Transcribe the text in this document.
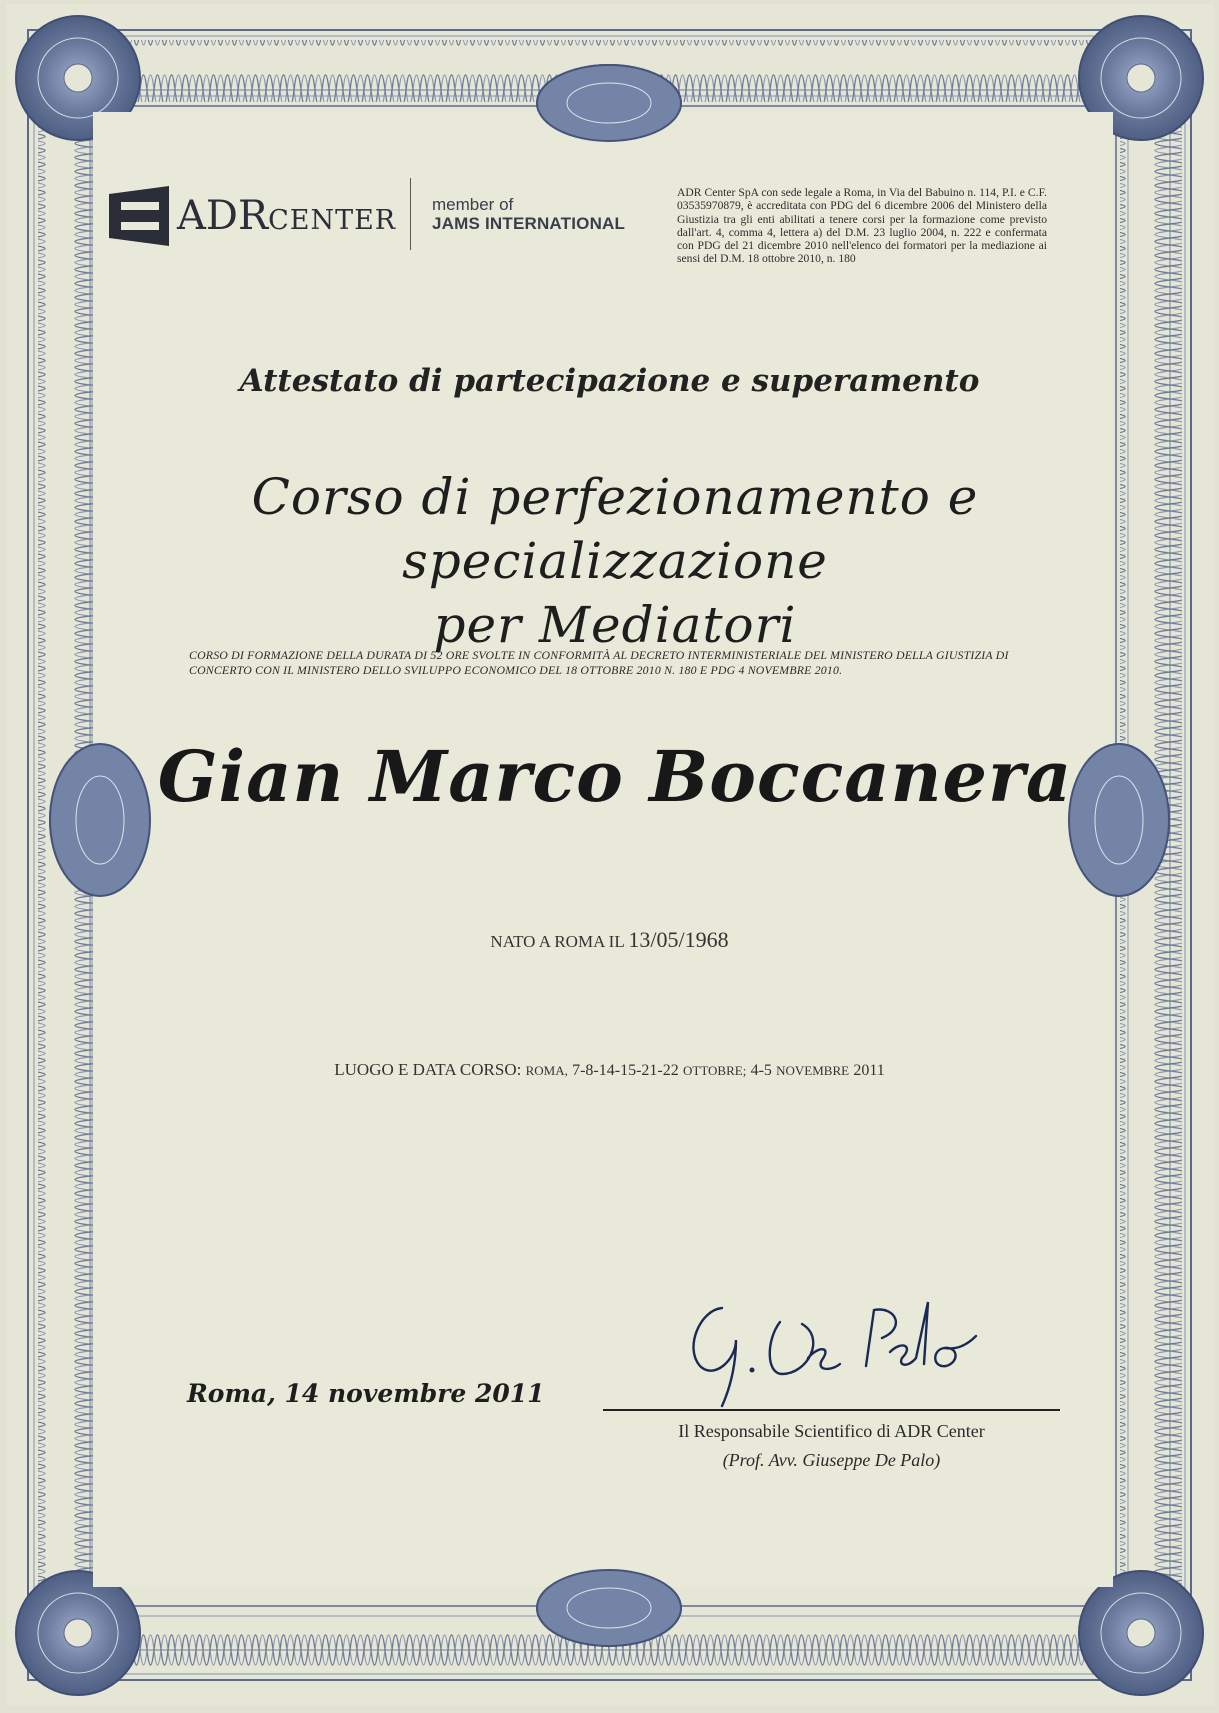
ADRCENTER
member of
JAMS INTERNATIONAL
ADR Center SpA con sede legale a Roma, in Via del Babuino n. 114, P.I. e C.F. 03535970879, è accreditata con PDG del 6 dicembre 2006 del Ministero della Giustizia tra gli enti abilitati a tenere corsi per la formazione come previsto dall'art. 4, comma 4, lettera a) del D.M. 23 luglio 2004, n. 222 e confermata con PDG del 21 dicembre 2010 nell'elenco dei formatori per la mediazione ai sensi del D.M. 18 ottobre 2010, n. 180
Attestato di partecipazione e superamento
Corso di perfezionamento e specializzazione
per Mediatori
CORSO DI FORMAZIONE DELLA DURATA DI 52 ORE SVOLTE IN CONFORMITÀ AL DECRETO INTERMINISTERIALE DEL MINISTERO DELLA GIUSTIZIA DI CONCERTO CON IL MINISTERO DELLO SVILUPPO ECONOMICO DEL 18 OTTOBRE 2010 N. 180 E PDG 4 NOVEMBRE 2010.
Gian Marco Boccanera
NATO A ROMA IL 13/05/1968
LUOGO E DATA CORSO: ROMA, 7-8-14-15-21-22 OTTOBRE; 4-5 NOVEMBRE 2011
Roma, 14 novembre 2011
Il Responsabile Scientifico di ADR Center
(Prof. Avv. Giuseppe De Palo)
